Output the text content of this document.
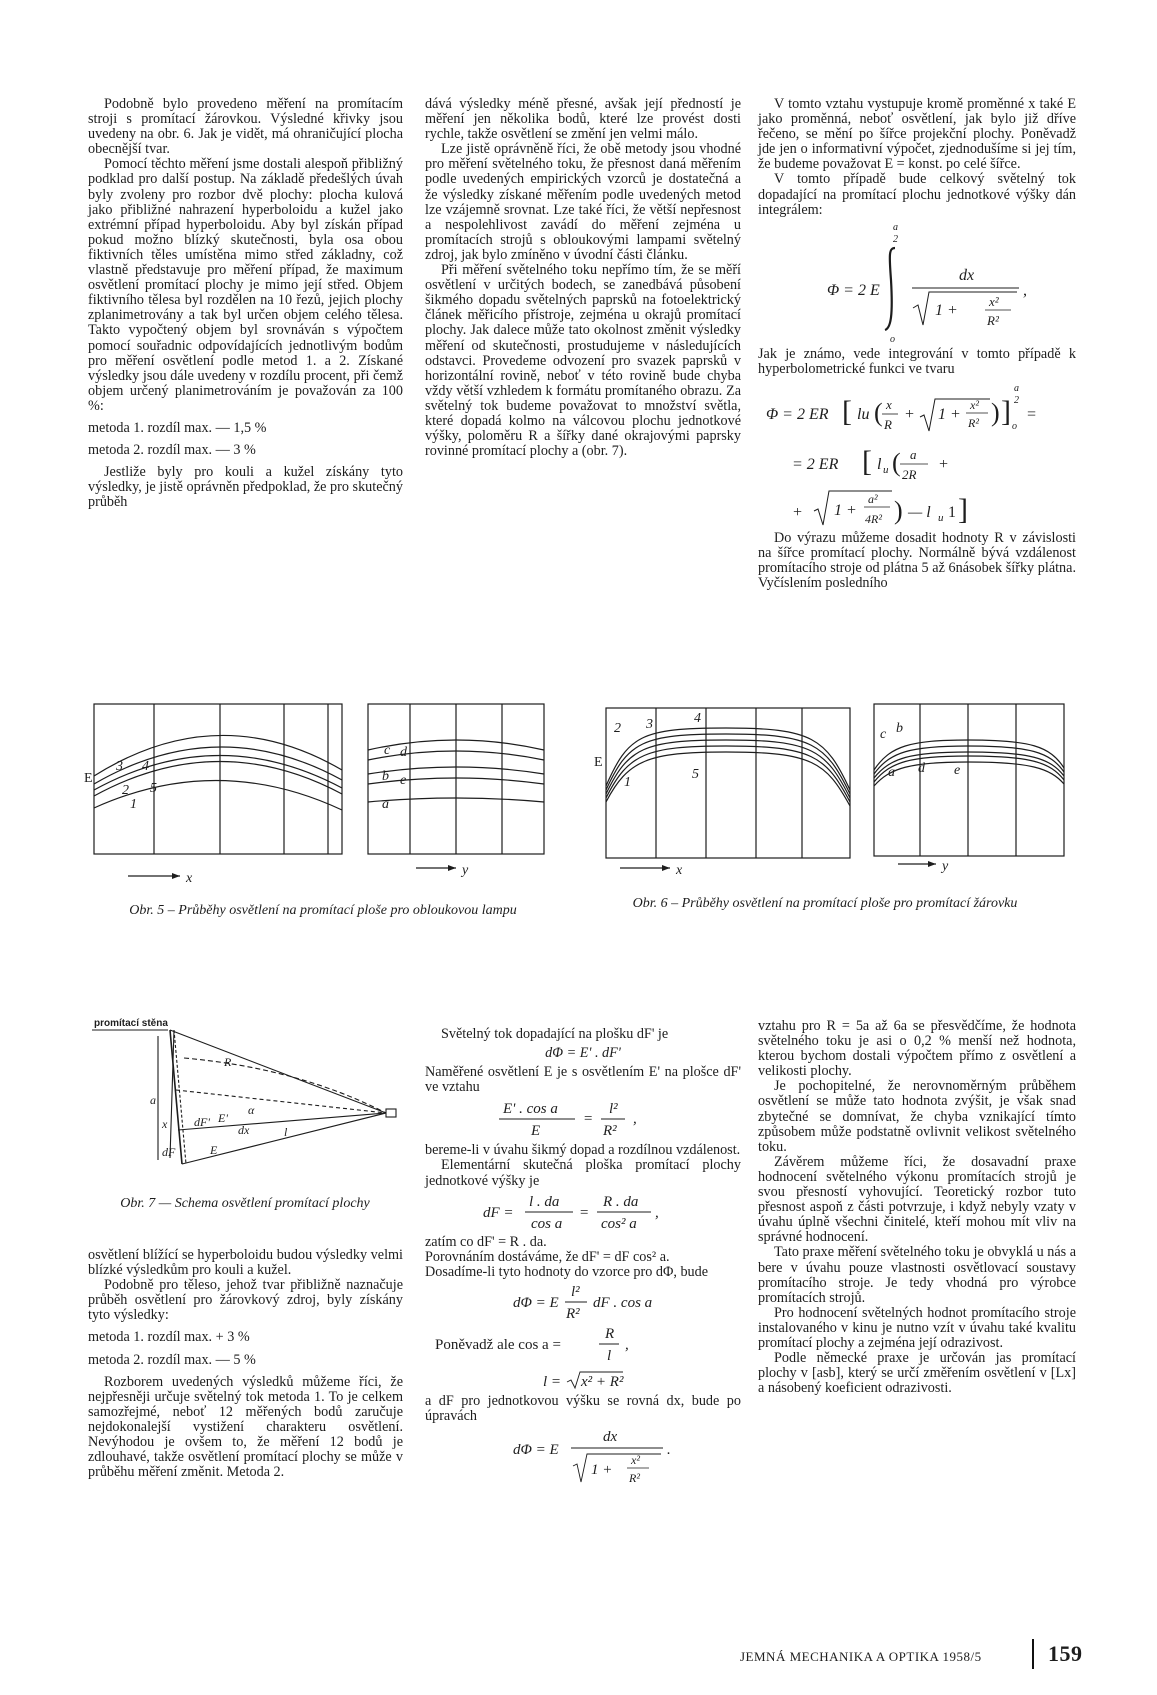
Podobně bylo provedeno měření na promítacím stroji s promítací žárovkou. Výsledné křivky jsou uvedeny na obr. 6. Jak je vidět, má ohraničující plocha obecnější tvar.

Pomocí těchto měření jsme dostali alespoň přibližný podklad pro další postup. Na základě předešlých úvah byly zvoleny pro rozbor dvě plochy: plocha kulová jako přibližné nahrazení hyperboloidu a kužel jako extrémní případ hyperboloidu. Aby byl získán případ pokud možno blízký skutečnosti, byla osa obou fiktivních těles umístěna mimo střed základny, což vlastně představuje pro měření případ, že maximum osvětlení promítací plochy je mimo její střed. Objem fiktivního tělesa byl rozdělen na 10 řezů, jejich plochy zplanimetrovány a tak byl určen objem celého tělesa. Takto vypočtený objem byl srovnáván s výpočtem pomocí souřadnic odpovídajících jednotlivým bodům pro měření osvětlení podle metod 1. a 2. Získané výsledky jsou dále uvedeny v rozdílu procent, při čemž objem určený planimetrováním je považován za 100 %:

metoda 1. rozdíl max. — 1,5 %

metoda 2. rozdíl max. — 3 %

Jestliže byly pro kouli a kužel získány tyto výsledky, je jistě oprávněn předpoklad, že pro skutečný průběh

dává výsledky méně přesné, avšak její předností je měření jen několika bodů, které lze provést dosti rychle, takže osvětlení se změní jen velmi málo.

Lze jistě oprávněně říci, že obě metody jsou vhodné pro měření světelného toku, že přesnost daná měřením podle uvedených empirických vzorců je dostatečná a že výsledky získané měřením podle uvedených metod lze vzájemně srovnat. Lze také říci, že větší nepřesnost a nespolehlivost zavádí do měření zejména u promítacích strojů s obloukovými lampami světelný zdroj, jak bylo zmíněno v úvodní části článku.

Při měření světelného toku nepřímo tím, že se měří osvětlení v určitých bodech, se zanedbává působení šikmého dopadu světelných paprsků na fotoelektrický článek měřicího přístroje, zejména u okrajů promítací plochy. Jak dalece může tato okolnost změnit výsledky měření od skutečnosti, prostudujeme v následujících odstavci. Provedeme odvození pro svazek paprsků v horizontální rovině, neboť v této rovině bude chyba vždy větší vzhledem k formátu promítaného obrazu. Za světelný tok budeme považovat to množství světla, které dopadá kolmo na válcovou plochu jednotkové výšky, poloměru R a šířky dané okrajovými paprsky rovinné promítací plochy a (obr. 7).

V tomto vztahu vystupuje kromě proměnné x také E jako proměnná, neboť osvětlení, jak bylo již dříve řečeno, se mění po šířce projekční plochy. Poněvadž jde jen o informativní výpočet, zjednodušíme si jej tím, že budeme považovat E = konst. po celé šířce.

V tomto případě bude celkový světelný tok dopadající na promítací plochu jednotkové výšky dán integrálem:

a
2
Φ = 2 E
o
dx
1 +
x²
R²
,

Jak je známo, vede integrování v tomto případě k hyperbolometrické funkci ve tvaru

Φ = 2 ER [ lu ( x
R
+ 1 +
x²
R² ) ]
a
2
o
=
= 2 ER [ l u ( a
2R
+
+ 1 +
a²
4R² ) — l u 1 ]

Do výrazu můžeme dosadit hodnoty R v závislosti na šířce promítací plochy. Normálně bývá vzdálenost promítacího stroje od plátna 5 až 6násobek šířky plátna. Vyčíslením posledního

E
x
y
1
2
3 4
5
a
b
c d
e
Obr. 5 – Průběhy osvětlení na promítací ploše pro obloukovou lampu
E
x	y
1
2 3	4
5	a
b
c
d e
Obr. 6 – Průběhy osvětlení na promítací ploše pro promítací žárovku
promítací stěna
R
a
x dF' E'
α
dx	l
dF	E
Obr. 7 — Schema osvětlení promítací plochy

osvětlení blížící se hyperboloidu budou výsledky velmi blízké výsledkům pro kouli a kužel.

Podobně pro těleso, jehož tvar přibližně naznačuje průběh osvětlení pro žárovkový zdroj, byly získány tyto výsledky:

metoda 1. rozdíl max. + 3 %

metoda 2. rozdíl max. — 5 %

Rozborem uvedených výsledků můžeme říci, že nejpřesněji určuje světelný tok metoda 1. To je celkem samozřejmé, neboť 12 měřených bodů zaručuje nejdokonalejší vystižení charakteru osvětlení. Nevýhodou je ovšem to, že měření 12 bodů je zdlouhavé, takže osvětlení promítací plochy se může v průběhu měření změnit. Metoda 2.

Světelný tok dopadající na plošku dF' je

dΦ = E' . dF'

Naměřené osvětlení E je s osvětlením E' na plošce dF' ve vztahu

E' . cos a
E
=
l²
R²
,

bereme-li v úvahu šikmý dopad a rozdílnou vzdálenost.

Elementární skutečná ploška promítací plochy jednotkové výšky je

dF =
l . da
cos a
=
R . da
cos² a
,

zatím co dF' = R . da.

Porovnáním dostáváme, že dF' = dF cos² a.

Dosadíme-li tyto hodnoty do vzorce pro dΦ, bude

dΦ = E
l²
R²
dF . cos a
Poněvadž ale cos a =
R
l
,
l = x² + R²

a dF pro jednotkovou výšku se rovná dx, bude po úpravách

dΦ = E
dx
1 +
x²
R²
.

vztahu pro R = 5a až 6a se přesvědčíme, že hodnota světelného toku je asi o 0,2 % menší než hodnota, kterou bychom dostali výpočtem přímo z osvětlení a velikosti plochy.

Je pochopitelné, že nerovnoměrným průběhem osvětlení se může tato hodnota zvýšit, je však snad zbytečné se domnívat, že chyba vznikající tímto způsobem může podstatně ovlivnit velikost světelného toku.

Závěrem můžeme říci, že dosavadní praxe hodnocení světelného výkonu promítacích strojů je svou přesností vyhovující. Teoretický rozbor tuto přesnost aspoň z části potvrzuje, i když nebyly vzaty v úvahu úplně všechni činitelé, kteří mohou mít vliv na správné hodnocení.

Tato praxe měření světelného toku je obvyklá u nás a bere v úvahu pouze vlastnosti osvětlovací soustavy promítacího stroje. Je tedy vhodná pro výrobce promítacích strojů.

Pro hodnocení světelných hodnot promítacího stroje instalovaného v kinu je nutno vzít v úvahu také kvalitu promítací plochy a zejména její odrazivost.

Podle německé praxe je určován jas promítací plochy v [asb], který se určí změřením osvětlení v [Lx] a násobený koeficient odrazivosti.

JEMNÁ MECHANIKA A OPTIKA 1958/5	159
